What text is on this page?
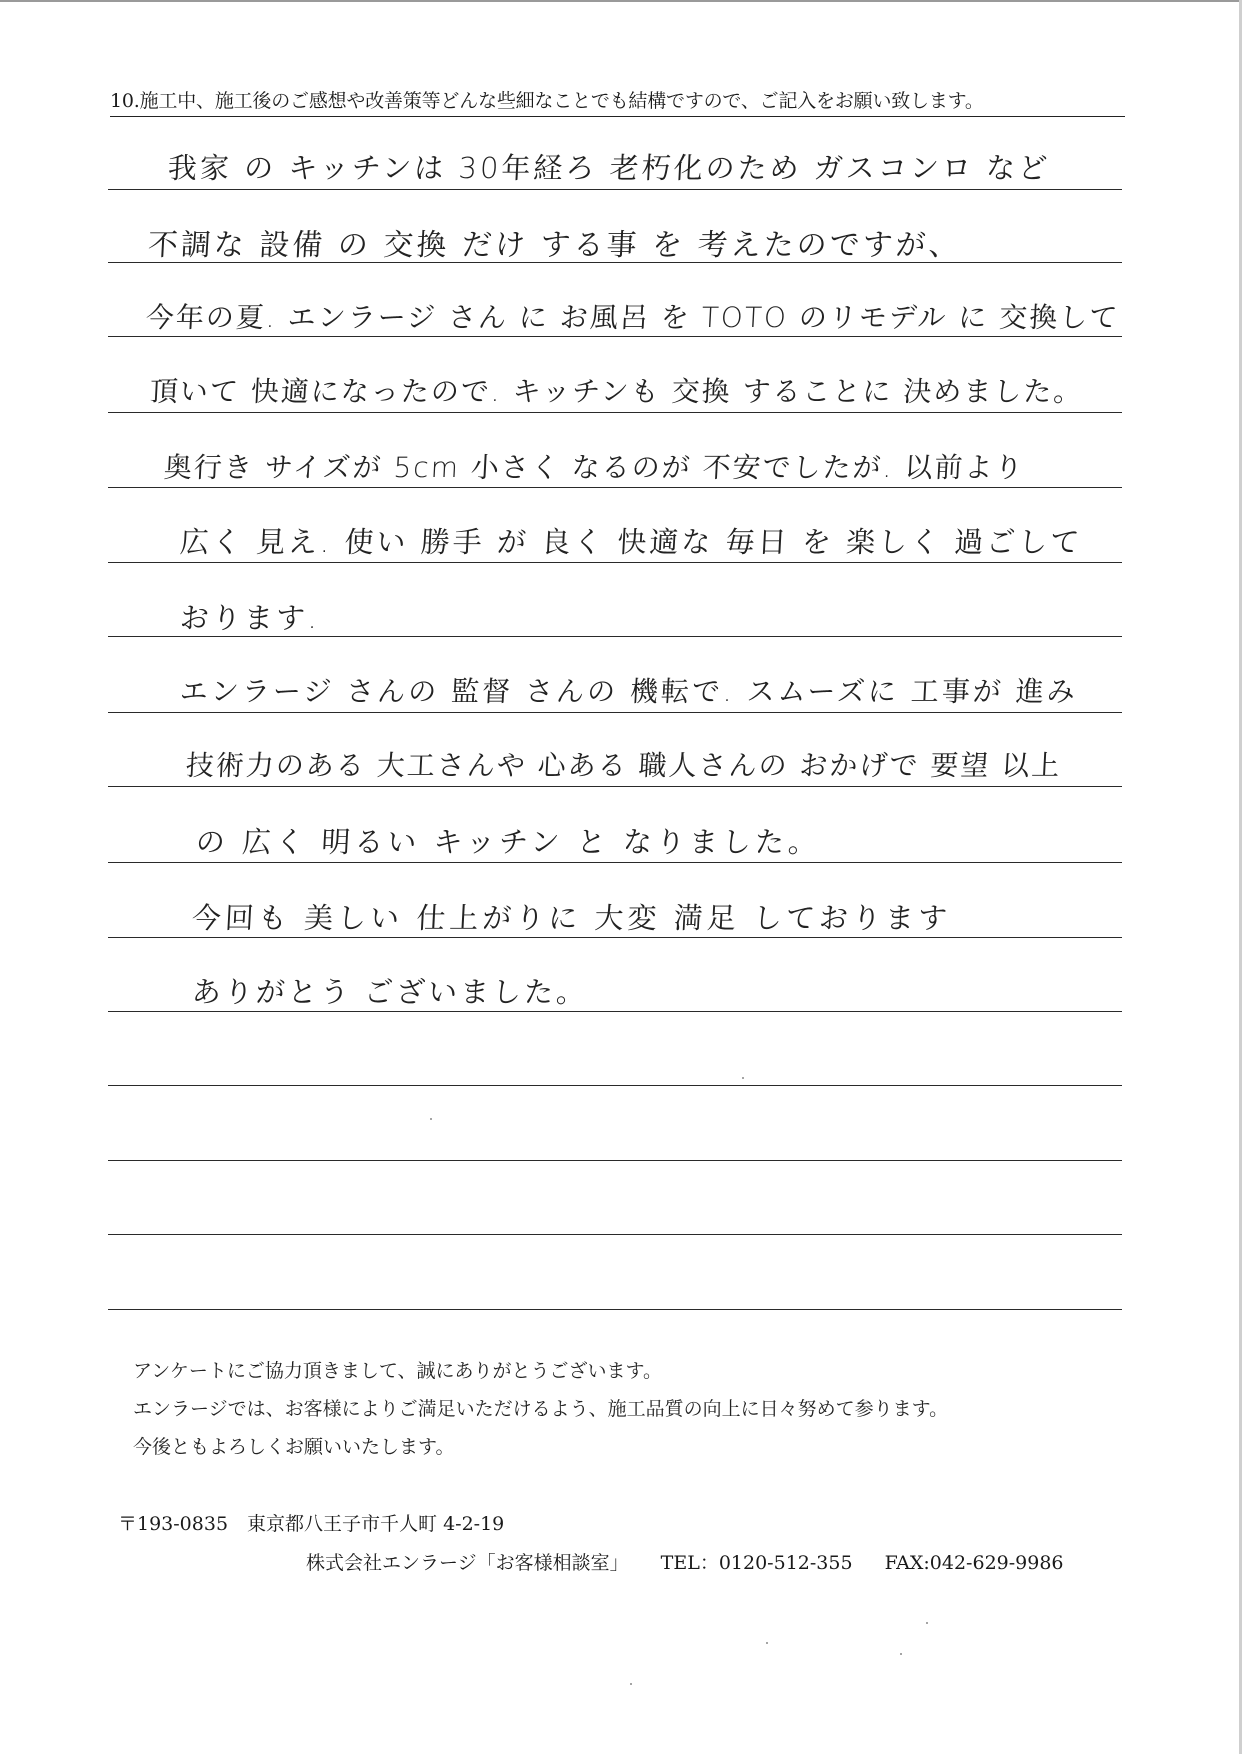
10.施工中、施工後のご感想や改善策等どんな些細なことでも結構ですので、ご記入をお願い致します。
我家 の キッチンは 30年経ろ 老朽化のため ガスコンロ など
不調な 設備 の 交換 だけ する事 を 考えたのですが、
今年の夏. エンラージ さん に お風呂 を TOTO のリモデル に 交換して
頂いて 快適になったので. キッチンも 交換 することに 決めました。
奥行き サイズが 5cm 小さく なるのが 不安でしたが. 以前より
広く 見え. 使い 勝手 が 良く 快適な 毎日 を 楽しく 過ごして
おります.
エンラージ さんの 監督 さんの 機転で. スムーズに 工事が 進み
技術力のある 大工さんや 心ある 職人さんの おかげで 要望 以上
の 広く 明るい キッチン と なりました。
今回も 美しい 仕上がりに 大変 満足 しております
ありがとう ございました。
アンケートにご協力頂きまして、誠にありがとうございます。
エンラージでは、お客様によりご満足いただけるよう、施工品質の向上に日々努めて参ります。
今後ともよろしくお願いいたします。
〒193-0835　東京都八王子市千人町 4-2-19
株式会社エンラージ「お客様相談室」 TEL：0120-512-355 FAX:042-629-9986
